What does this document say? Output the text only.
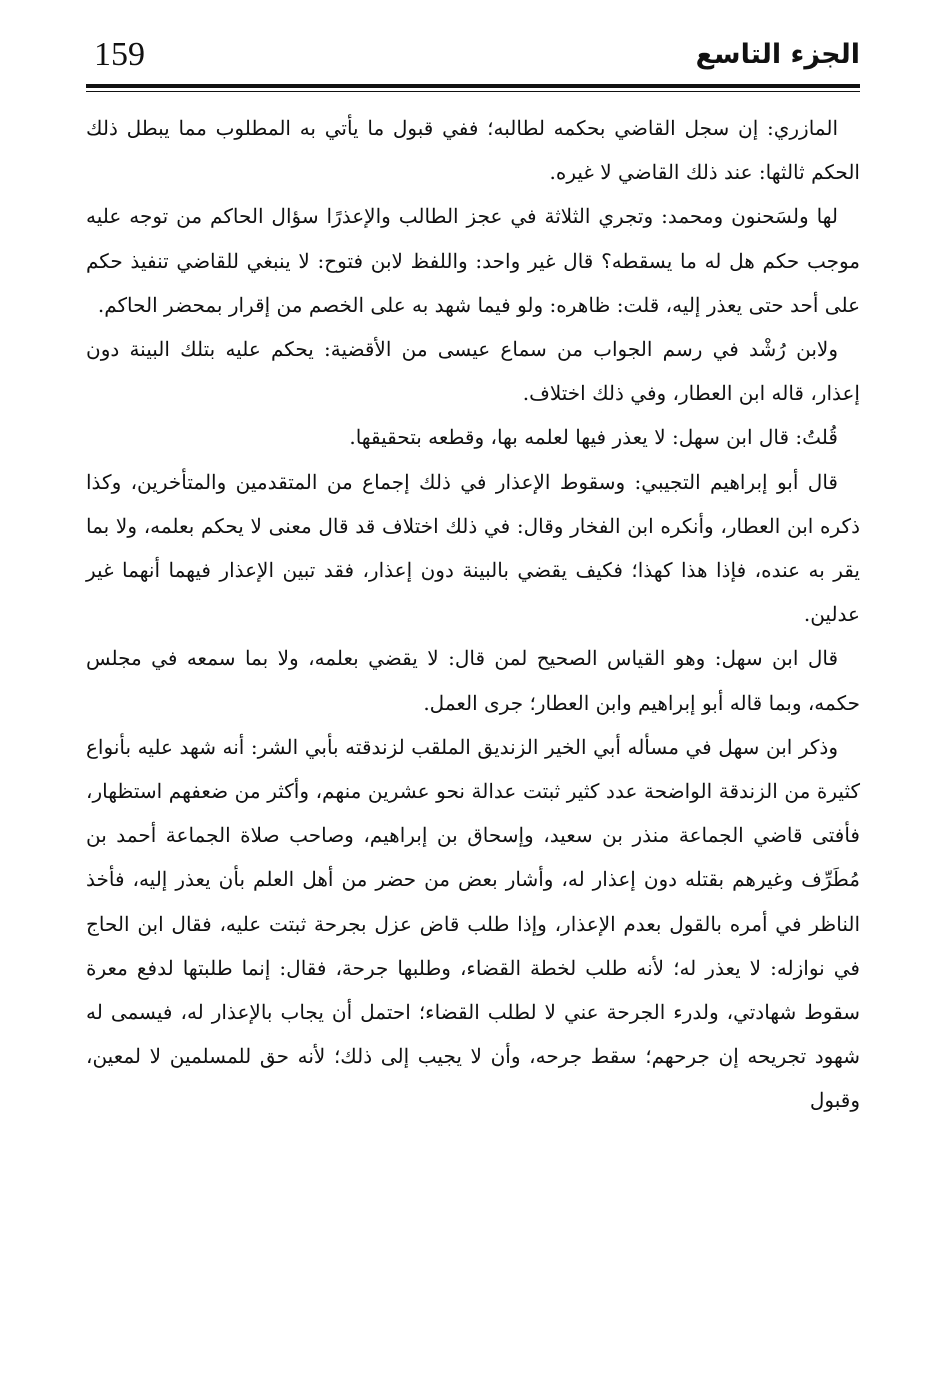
159	الجزء التاسع

المازري: إن سجل القاضي بحكمه لطالبه؛ ففي قبول ما يأتي به المطلوب مما يبطل ذلك الحكم ثالثها: عند ذلك القاضي لا غيره.

لها ولسَحنون ومحمد: وتجري الثلاثة في عجز الطالب والإعذرًا سؤال الحاكم من توجه عليه موجب حكم هل له ما يسقطه؟ قال غير واحد: واللفظ لابن فتوح: لا ينبغي للقاضي تنفيذ حكم على أحد حتى يعذر إليه، قلت: ظاهره: ولو فيما شهد به على الخصم من إقرار بمحضر الحاكم.

ولابن رُشْد في رسم الجواب من سماع عيسى من الأقضية: يحكم عليه بتلك البينة دون إعذار، قاله ابن العطار، وفي ذلك اختلاف.

قُلتُ: قال ابن سهل: لا يعذر فيها لعلمه بها، وقطعه بتحقيقها.

قال أبو إبراهيم التجيبي: وسقوط الإعذار في ذلك إجماع من المتقدمين والمتأخرين، وكذا ذكره ابن العطار، وأنكره ابن الفخار وقال: في ذلك اختلاف قد قال معنى لا يحكم بعلمه، ولا بما يقر به عنده، فإذا هذا كهذا؛ فكيف يقضي بالبينة دون إعذار، فقد تبين الإعذار فيهما أنهما غير عدلين.

قال ابن سهل: وهو القياس الصحيح لمن قال: لا يقضي بعلمه، ولا بما سمعه في مجلس حكمه، وبما قاله أبو إبراهيم وابن العطار؛ جرى العمل.

وذكر ابن سهل في مسأله أبي الخير الزنديق الملقب لزندقته بأبي الشر: أنه شهد عليه بأنواع كثيرة من الزندقة الواضحة عدد كثير ثبتت عدالة نحو عشرين منهم، وأكثر من ضعفهم استظهار، فأفتى قاضي الجماعة منذر بن سعيد، وإسحاق بن إبراهيم، وصاحب صلاة الجماعة أحمد بن مُطَرِّف وغيرهم بقتله دون إعذار له، وأشار بعض من حضر من أهل العلم بأن يعذر إليه، فأخذ الناظر في أمره بالقول بعدم الإعذار، وإذا طلب قاض عزل بجرحة ثبتت عليه، فقال ابن الحاج في نوازله: لا يعذر له؛ لأنه طلب لخطة القضاء، وطلبها جرحة، فقال: إنما طلبتها لدفع معرة سقوط شهادتي، ولدرء الجرحة عني لا لطلب القضاء؛ احتمل أن يجاب بالإعذار له، فيسمى له شهود تجريحه إن جرحهم؛ سقط جرحه، وأن لا يجيب إلى ذلك؛ لأنه حق للمسلمين لا لمعين، وقبول
